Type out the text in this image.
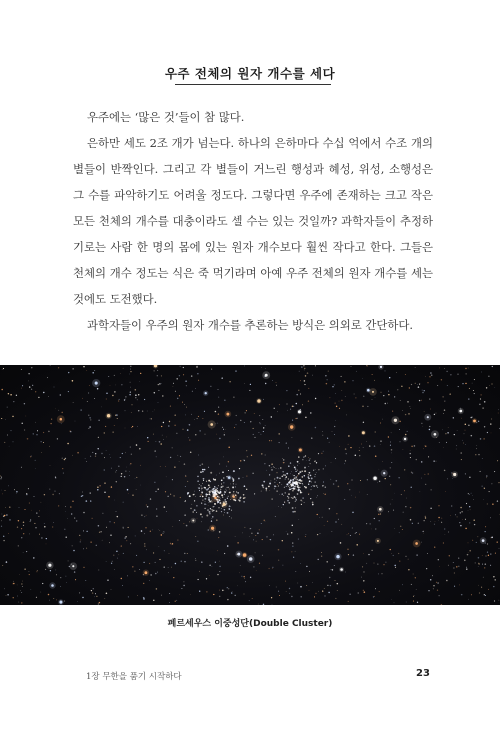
우주 전체의 원자 개수를 세다

우주에는 ‘많은 것’들이 참 많다.

은하만 세도 2조 개가 넘는다. 하나의 은하마다 수십 억에서 수조 개의 별들이 반짝인다. 그리고 각 별들이 거느린 행성과 혜성, 위성, 소행성은 그 수를 파악하기도 어려울 정도다. 그렇다면 우주에 존재하는 크고 작은 모든 천체의 개수를 대충이라도 셀 수는 있는 것일까? 과학자들이 추정하기로는 사람 한 명의 몸에 있는 원자 개수보다 훨씬 작다고 한다. 그들은 천체의 개수 정도는 식은 죽 먹기라며 아예 우주 전체의 원자 개수를 세는 것에도 도전했다.

과학자들이 우주의 원자 개수를 추론하는 방식은 의외로 간단하다.

페르세우스 이중성단(Double Cluster)
1장 무한을 품기 시작하다	23
